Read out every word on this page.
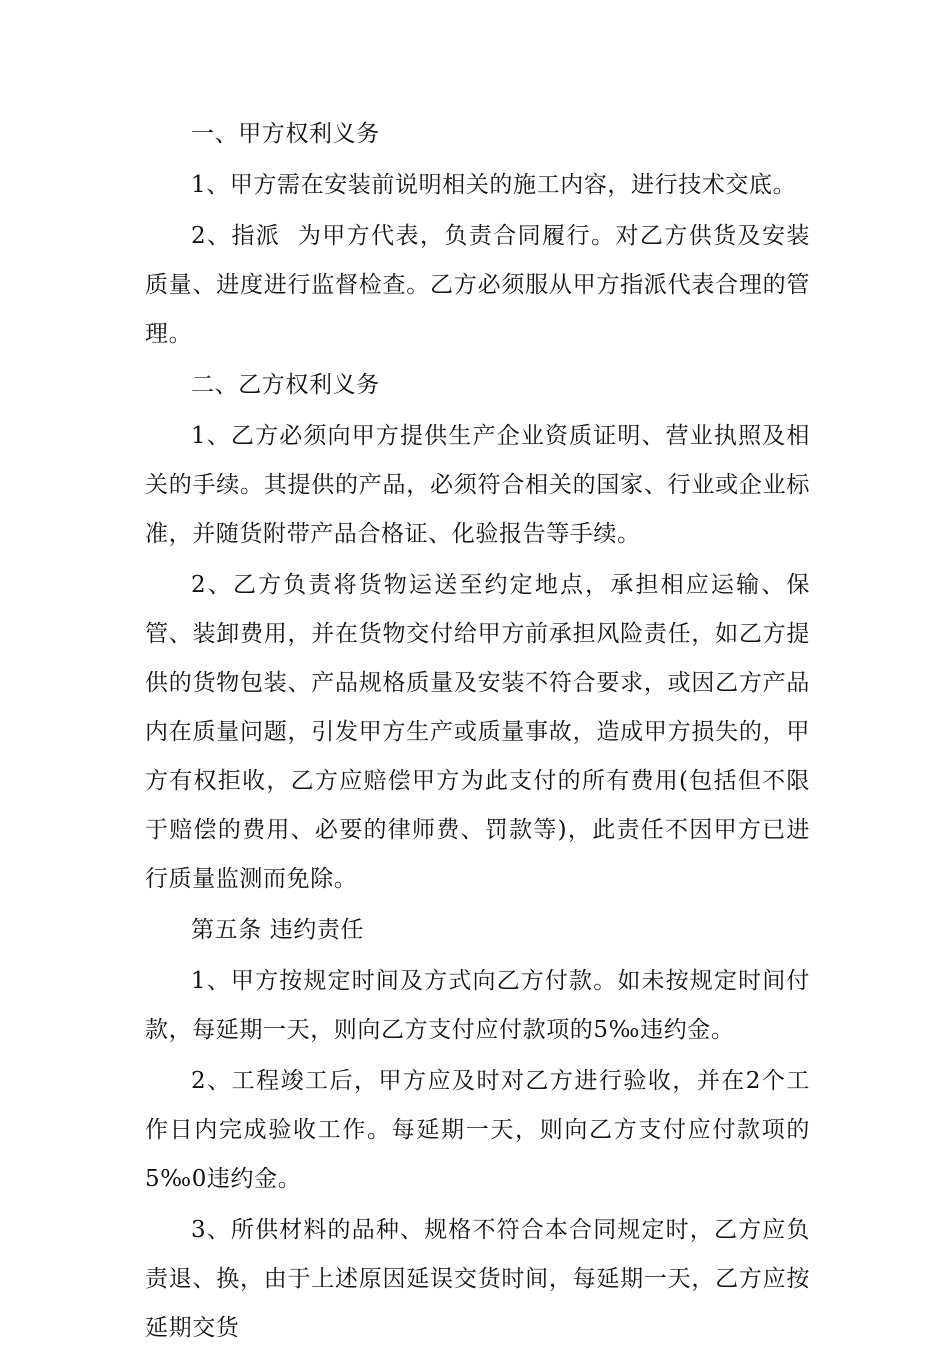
一、甲方权利义务

1、甲方需在安装前说明相关的施工内容，进行技术交底。

2、指派  为甲方代表，负责合同履行。对乙方供货及安装质量、进度进行监督检查。乙方必须服从甲方指派代表合理的管理。

二、乙方权利义务

1、乙方必须向甲方提供生产企业资质证明、营业执照及相关的手续。其提供的产品，必须符合相关的国家、行业或企业标准，并随货附带产品合格证、化验报告等手续。

2、乙方负责将货物运送至约定地点，承担相应运输、保管、装卸费用，并在货物交付给甲方前承担风险责任，如乙方提供的货物包装、产品规格质量及安装不符合要求，或因乙方产品内在质量问题，引发甲方生产或质量事故，造成甲方损失的，甲方有权拒收，乙方应赔偿甲方为此支付的所有费用(包括但不限于赔偿的费用、必要的律师费、罚款等)，此责任不因甲方已进行质量监测而免除。

第五条 违约责任

1、甲方按规定时间及方式向乙方付款。如未按规定时间付款，每延期一天，则向乙方支付应付款项的5‰违约金。

2、工程竣工后，甲方应及时对乙方进行验收，并在2个工作日内完成验收工作。每延期一天，则向乙方支付应付款项的5‰0违约金。

3、所供材料的品种、规格不符合本合同规定时，乙方应负责退、换，由于上述原因延误交货时间，每延期一天，乙方应按延期交货
